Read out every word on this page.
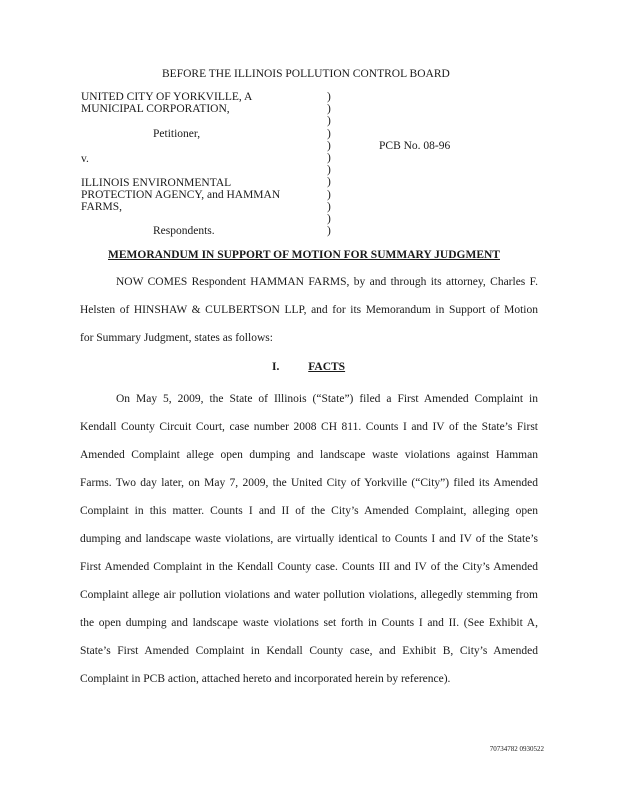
BEFORE THE ILLINOIS POLLUTION CONTROL BOARD
UNITED CITY OF YORKVILLE, A
MUNICIPAL CORPORATION,
Petitioner,
v.
ILLINOIS ENVIRONMENTAL
PROTECTION AGENCY, and HAMMAN
FARMS,
Respondents.
)
)
)
)
)
)
)
)
)
)
)
)
PCB No. 08-96
MEMORANDUM IN SUPPORT OF MOTION FOR SUMMARY JUDGMENT
NOW COMES Respondent HAMMAN FARMS, by and through its attorney, Charles F.
Helsten of HINSHAW & CULBERTSON LLP, and for its Memorandum in Support of Motion
for Summary Judgment, states as follows:
I.	FACTS
On May 5, 2009, the State of Illinois (“State”) filed a First Amended Complaint in
Kendall County Circuit Court, case number 2008 CH 811. Counts I and IV of the State’s First
Amended Complaint allege open dumping and landscape waste violations against Hamman
Farms. Two day later, on May 7, 2009, the United City of Yorkville (“City”) filed its Amended
Complaint in this matter. Counts I and II of the City’s Amended Complaint, alleging open
dumping and landscape waste violations, are virtually identical to Counts I and IV of the State’s
First Amended Complaint in the Kendall County case. Counts III and IV of the City’s Amended
Complaint allege air pollution violations and water pollution violations, allegedly stemming from
the open dumping and landscape waste violations set forth in Counts I and II. (See Exhibit A,
State’s First Amended Complaint in Kendall County case, and Exhibit B, City’s Amended
Complaint in PCB action, attached hereto and incorporated herein by reference).
70734782 0930522
